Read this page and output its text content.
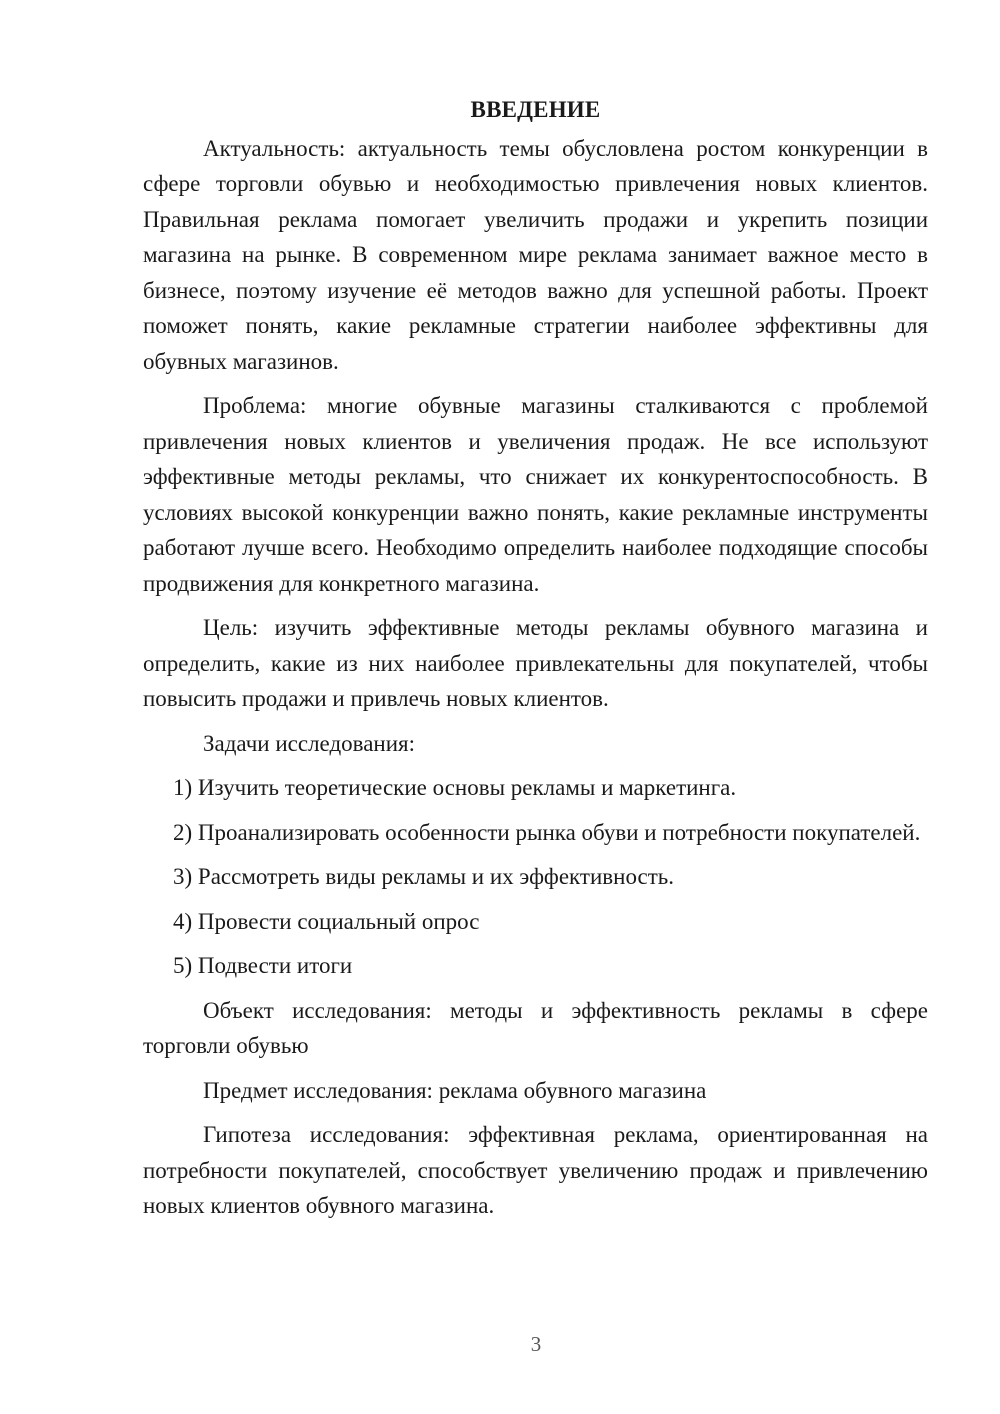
ВВЕДЕНИЕ

Актуальность: актуальность темы обусловлена ростом конкуренции в сфере торговли обувью и необходимостью привлечения новых клиентов. Правильная реклама помогает увеличить продажи и укрепить позиции магазина на рынке. В современном мире реклама занимает важное место в бизнесе, поэтому изучение её методов важно для успешной работы. Проект поможет понять, какие рекламные стратегии наиболее эффективны для обувных магазинов.

Проблема: многие обувные магазины сталкиваются с проблемой привлечения новых клиентов и увеличения продаж. Не все используют эффективные методы рекламы, что снижает их конкурентоспособность. В условиях высокой конкуренции важно понять, какие рекламные инструменты работают лучше всего. Необходимо определить наиболее подходящие способы продвижения для конкретного магазина.

Цель: изучить эффективные методы рекламы обувного магазина и определить, какие из них наиболее привлекательны для покупателей, чтобы повысить продажи и привлечь новых клиентов.

Задачи исследования:

1) Изучить теоретические основы рекламы и маркетинга.

2) Проанализировать особенности рынка обуви и потребности покупателей.

3) Рассмотреть виды рекламы и их эффективность.

4) Провести социальный опрос

5) Подвести итоги

Объект исследования: методы и эффективность рекламы в сфере торговли обувью

Предмет исследования: реклама обувного магазина

Гипотеза исследования: эффективная реклама, ориентированная на потребности покупателей, способствует увеличению продаж и привлечению новых клиентов обувного магазина.

3
